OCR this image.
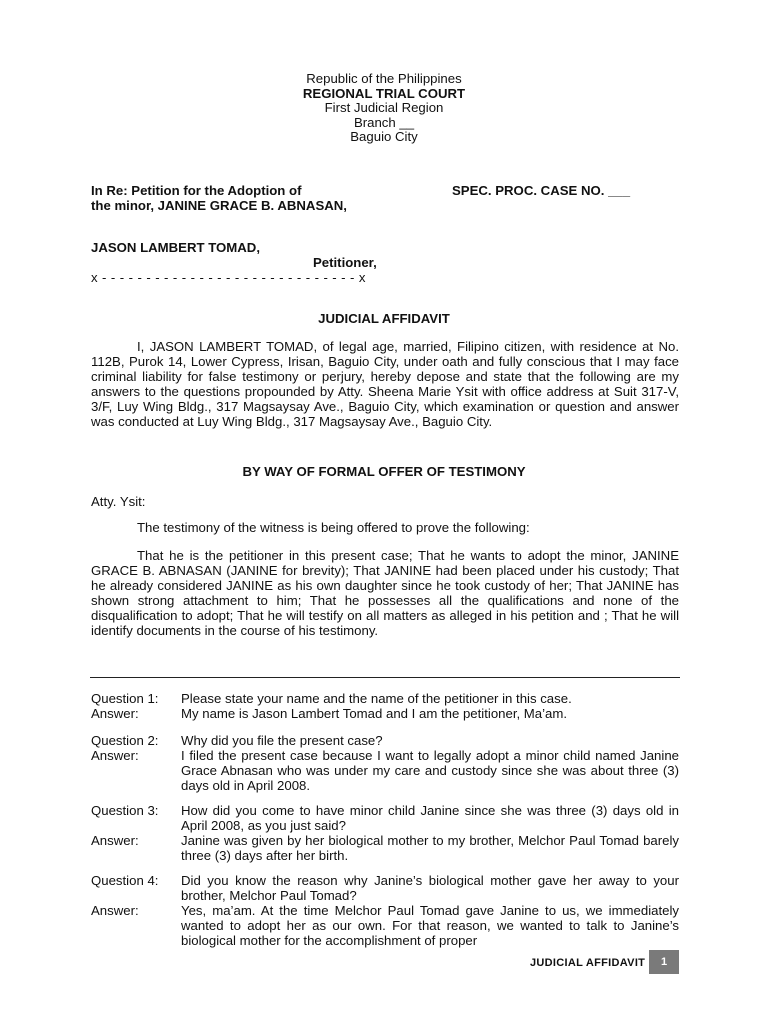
Republic of the Philippines
REGIONAL TRIAL COURT
First Judicial Region
Branch __
Baguio City
In Re: Petition for the Adoption of	SPEC. PROC. CASE NO. ___
the minor, JANINE GRACE B. ABNASAN,
JASON LAMBERT TOMAD,
Petitioner,
x - - - - - - - - - - - - - - - - - - - - - - - - - - - - - x
JUDICIAL AFFIDAVIT
I, JASON LAMBERT TOMAD, of legal age, married, Filipino citizen, with residence at No. 112B, Purok 14, Lower Cypress, Irisan, Baguio City, under oath and fully conscious that I may face criminal liability for false testimony or perjury, hereby depose and state that the following are my answers to the questions propounded by Atty. Sheena Marie Ysit with office address at Suit 317-V, 3/F, Luy Wing Bldg., 317 Magsaysay Ave., Baguio City, which examination or question and answer was conducted at Luy Wing Bldg., 317 Magsaysay Ave., Baguio City.
BY WAY OF FORMAL OFFER OF TESTIMONY
Atty. Ysit:
The testimony of the witness is being offered to prove the following:
That he is the petitioner in this present case; That he wants to adopt the minor, JANINE GRACE B. ABNASAN (JANINE for brevity); That JANINE had been placed under his custody; That he already considered JANINE as his own daughter since he took custody of her; That JANINE has shown strong attachment to him; That he possesses all the qualifications and none of the disqualification to adopt; That he will testify on all matters as alleged in his petition and ; That he will identify documents in the course of his testimony.
Question 1:	Please state your name and the name of the petitioner in this case.
Answer:	My name is Jason Lambert Tomad and I am the petitioner, Ma’am.
Question 2:	Why did you file the present case?
Answer:	I filed the present case because I want to legally adopt a minor child named Janine Grace Abnasan who was under my care and custody since she was about three (3) days old in April 2008.
Question 3:	How did you come to have minor child Janine since she was three (3) days old in April 2008, as you just said?
Answer:	Janine was given by her biological mother to my brother, Melchor Paul Tomad barely three (3) days after her birth.
Question 4:	Did you know the reason why Janine’s biological mother gave her away to your brother, Melchor Paul Tomad?
Answer:	Yes, ma’am. At the time Melchor Paul Tomad gave Janine to us, we immediately wanted to adopt her as our own. For that reason, we wanted to talk to Janine’s biological mother for the accomplishment of proper
JUDICIAL AFFIDAVIT	1
